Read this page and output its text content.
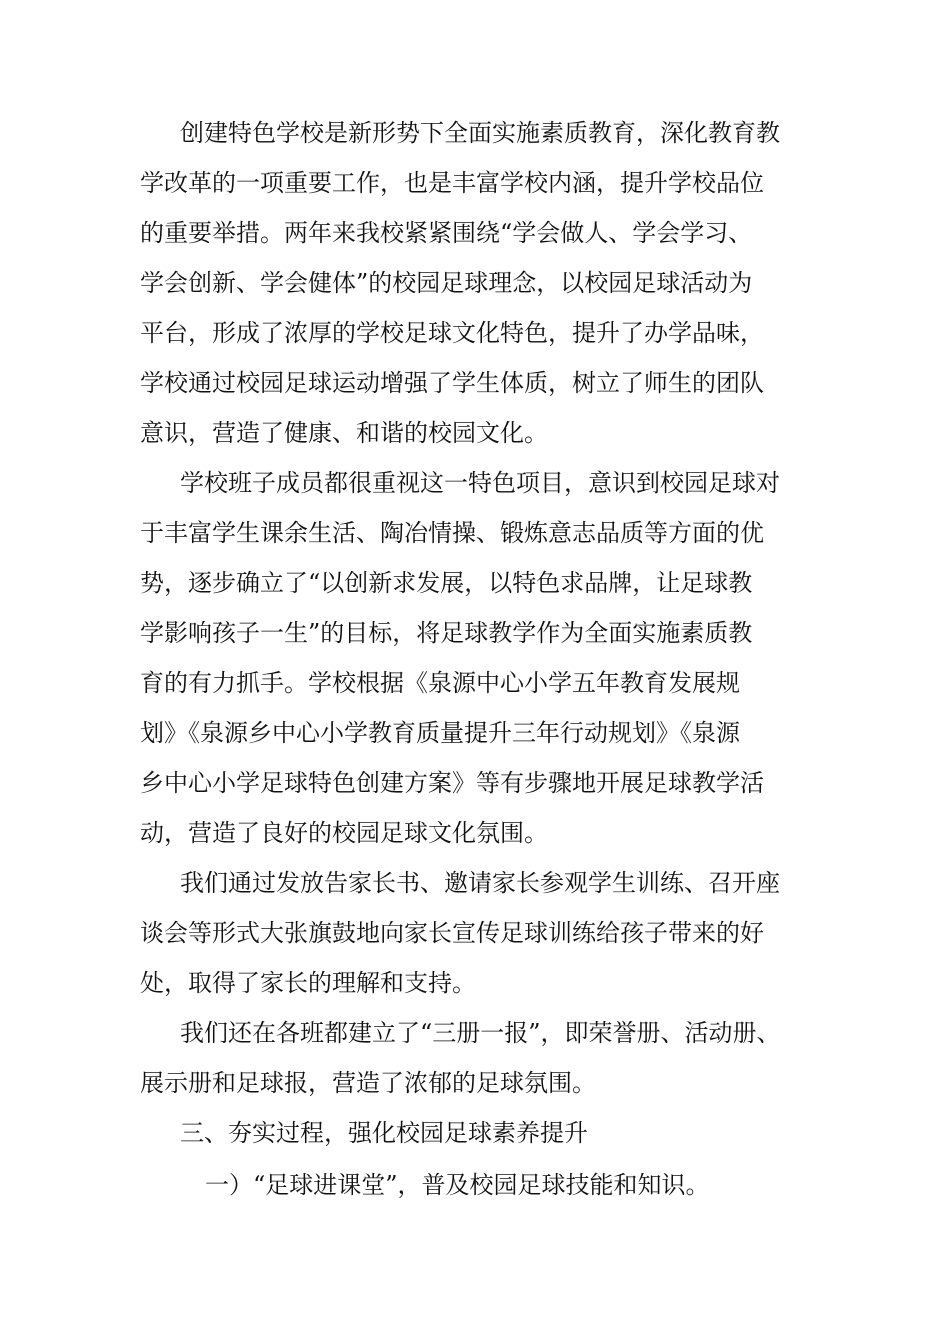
创建特色学校是新形势下全面实施素质教育，深化教育教
学改革的一项重要工作，也是丰富学校内涵，提升学校品位
的重要举措。两年来我校紧紧围绕“学会做人、学会学习、
学会创新、学会健体”的校园足球理念，以校园足球活动为
平台，形成了浓厚的学校足球文化特色，提升了办学品味，
学校通过校园足球运动增强了学生体质，树立了师生的团队
意识，营造了健康、和谐的校园文化。
学校班子成员都很重视这一特色项目，意识到校园足球对
于丰富学生课余生活、陶冶情操、锻炼意志品质等方面的优
势，逐步确立了“以创新求发展，以特色求品牌，让足球教
学影响孩子一生”的目标，将足球教学作为全面实施素质教
育的有力抓手。学校根据《泉源中心小学五年教育发展规
划》《泉源乡中心小学教育质量提升三年行动规划》《泉源
乡中心小学足球特色创建方案》等有步骤地开展足球教学活
动，营造了良好的校园足球文化氛围。
我们通过发放告家长书、邀请家长参观学生训练、召开座
谈会等形式大张旗鼓地向家长宣传足球训练给孩子带来的好
处，取得了家长的理解和支持。
我们还在各班都建立了“三册一报”，即荣誉册、活动册、
展示册和足球报，营造了浓郁的足球氛围。
三、夯实过程，强化校园足球素养提升
一）“足球进课堂”，普及校园足球技能和知识。
